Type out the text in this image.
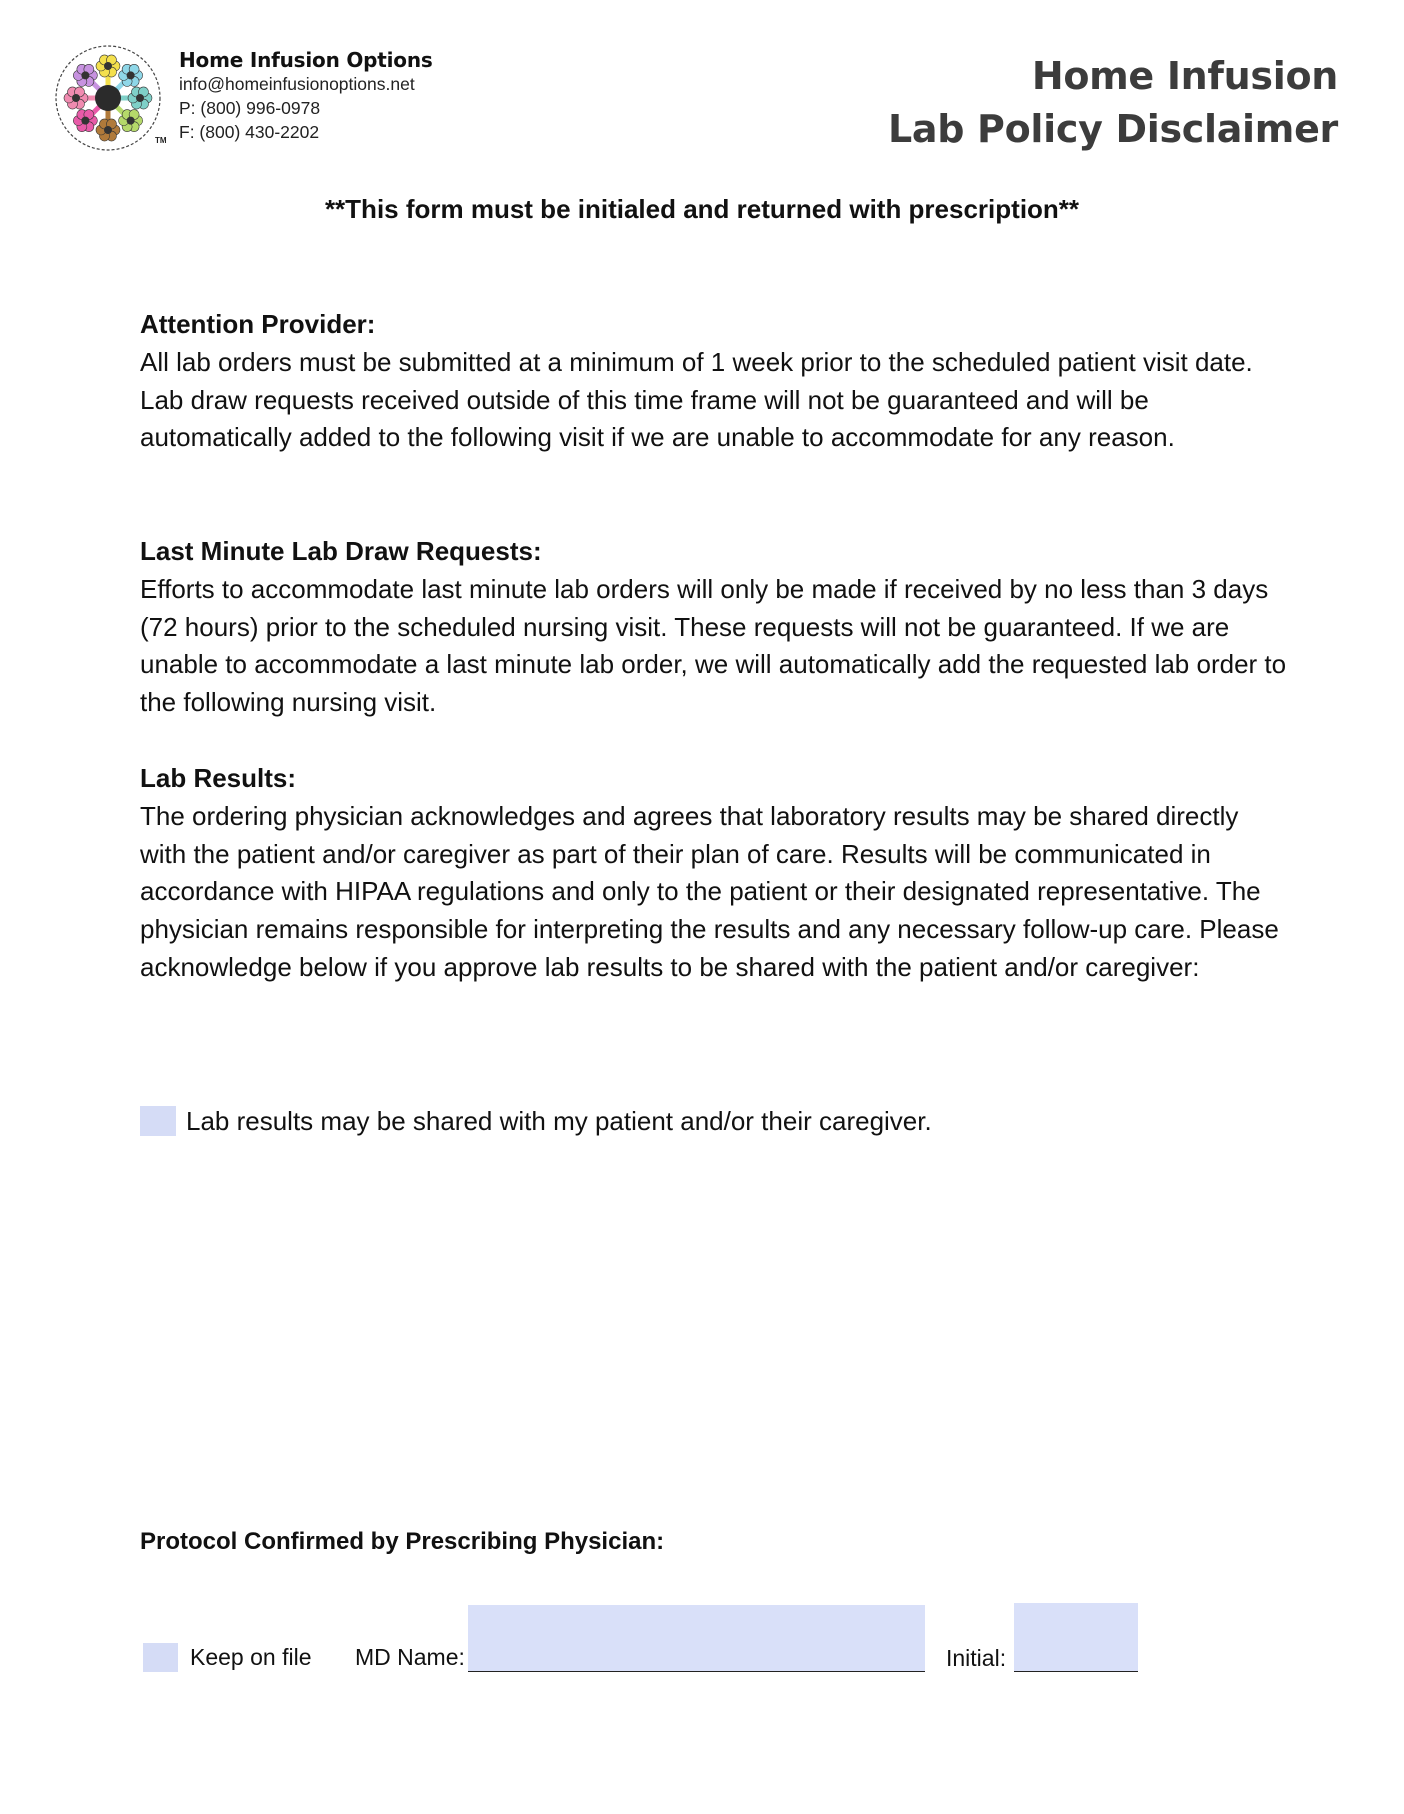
TM
Home Infusion Options
info@homeinfusionoptions.net
P: (800) 996-0978
F: (800) 430-2202
Home Infusion
Lab Policy Disclaimer
**This form must be initialed and returned with prescription**
Attention Provider:
All lab orders must be submitted at a minimum of 1 week prior to the scheduled patient visit date. Lab draw requests received outside of this time frame will not be guaranteed and will be automatically added to the following visit if we are unable to accommodate for any reason.
Last Minute Lab Draw Requests:
Efforts to accommodate last minute lab orders will only be made if received by no less than 3 days (72 hours) prior to the scheduled nursing visit. These requests will not be guaranteed. If we are unable to accommodate a last minute lab order, we will automatically add the requested lab order to the following nursing visit.
Lab Results:
The ordering physician acknowledges and agrees that laboratory results may be shared directly with the patient and/or caregiver as part of their plan of care. Results will be communicated in accordance with HIPAA regulations and only to the patient or their designated representative. The physician remains responsible for interpreting the results and any necessary follow-up care. Please acknowledge below if you approve lab results to be shared with the patient and/or caregiver:
Lab results may be shared with my patient and/or their caregiver.
Protocol Confirmed by Prescribing Physician:
Keep on file MD Name:	Initial:
